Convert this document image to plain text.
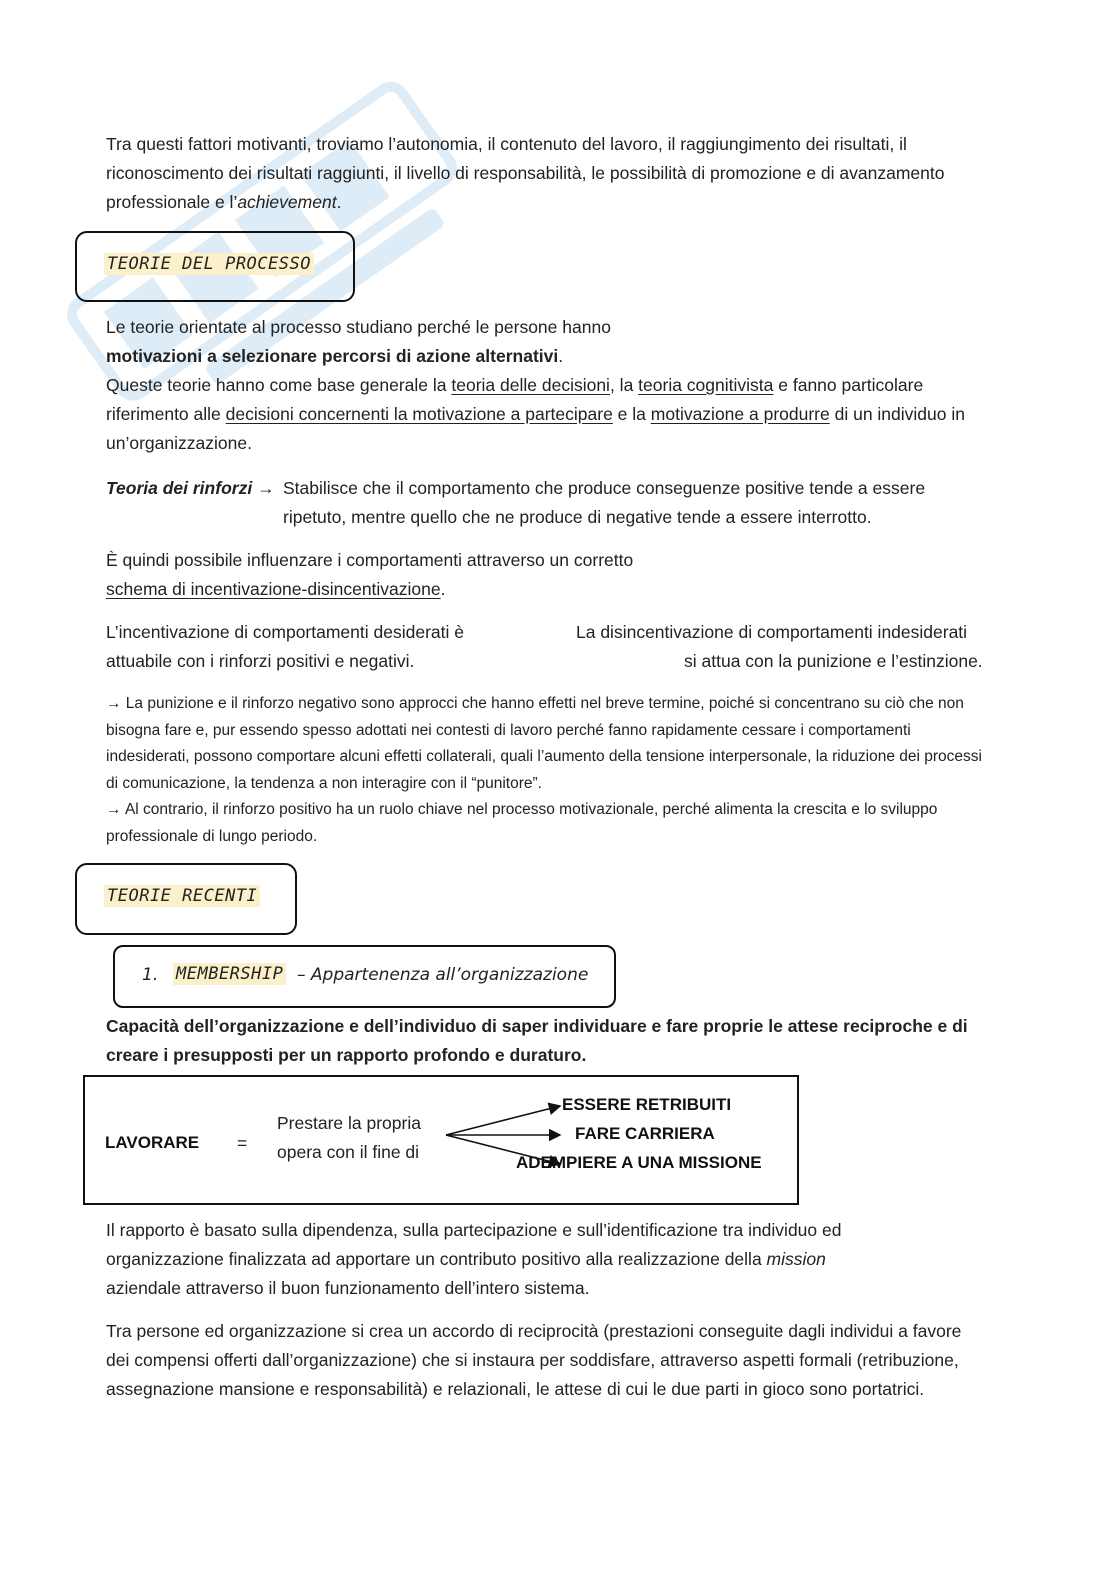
Tra questi fattori motivanti, troviamo l’autonomia, il contenuto del lavoro, il raggiungimento dei risultati, il riconoscimento dei risultati raggiunti, il livello di responsabilità, le possibilità di promozione e di avanzamento professionale e l’achievement.

TEORIE DEL PROCESSO

Le teorie orientate al processo studiano perché le persone hanno
motivazioni a selezionare percorsi di azione alternativi.
Queste teorie hanno come base generale la teoria delle decisioni, la teoria cognitivista e fanno particolare riferimento alle decisioni concernenti la motivazione a partecipare e la motivazione a produrre di un individuo in un’organizzazione.

Teoria dei rinforzi → Stabilisce che il comportamento che produce conseguenze positive tende a essere ripetuto, mentre quello che ne produce di negative tende a essere interrotto.

È quindi possibile influenzare i comportamenti attraverso un corretto
schema di incentivazione-disincentivazione.

L’incentivazione di comportamenti desiderati è
attuabile con i rinforzi positivi e negativi.

La disincentivazione di comportamenti indesiderati

si attua con la punizione e l’estinzione.

→ La punizione e il rinforzo negativo sono approcci che hanno effetti nel breve termine, poiché si concentrano su ciò che non bisogna fare e, pur essendo spesso adottati nei contesti di lavoro perché fanno rapidamente cessare i comportamenti indesiderati, possono comportare alcuni effetti collaterali, quali l’aumento della tensione interpersonale, la riduzione dei processi di comunicazione, la tendenza a non interagire con il “punitore”.

→ Al contrario, il rinforzo positivo ha un ruolo chiave nel processo motivazionale, perché alimenta la crescita e lo sviluppo professionale di lungo periodo.

TEORIE RECENTI
1. MEMBERSHIP – Appartenenza all’organizzazione

Capacità dell’organizzazione e dell’individuo di saper individuare e fare proprie le attese reciproche e di creare i presupposti per un rapporto profondo e duraturo.

LAVORARE =
Prestare la propria
opera con il fine di
ESSERE RETRIBUITI
FARE CARRIERA
ADEMPIERE A UNA MISSIONE

Il rapporto è basato sulla dipendenza, sulla partecipazione e sull’identificazione tra individuo ed organizzazione finalizzata ad apportare un contributo positivo alla realizzazione della mission aziendale attraverso il buon funzionamento dell’intero sistema.

Tra persone ed organizzazione si crea un accordo di reciprocità (prestazioni conseguite dagli individui a favore dei compensi offerti dall’organizzazione) che si instaura per soddisfare, attraverso aspetti formali (retribuzione, assegnazione mansione e responsabilità) e relazionali, le attese di cui le due parti in gioco sono portatrici.
